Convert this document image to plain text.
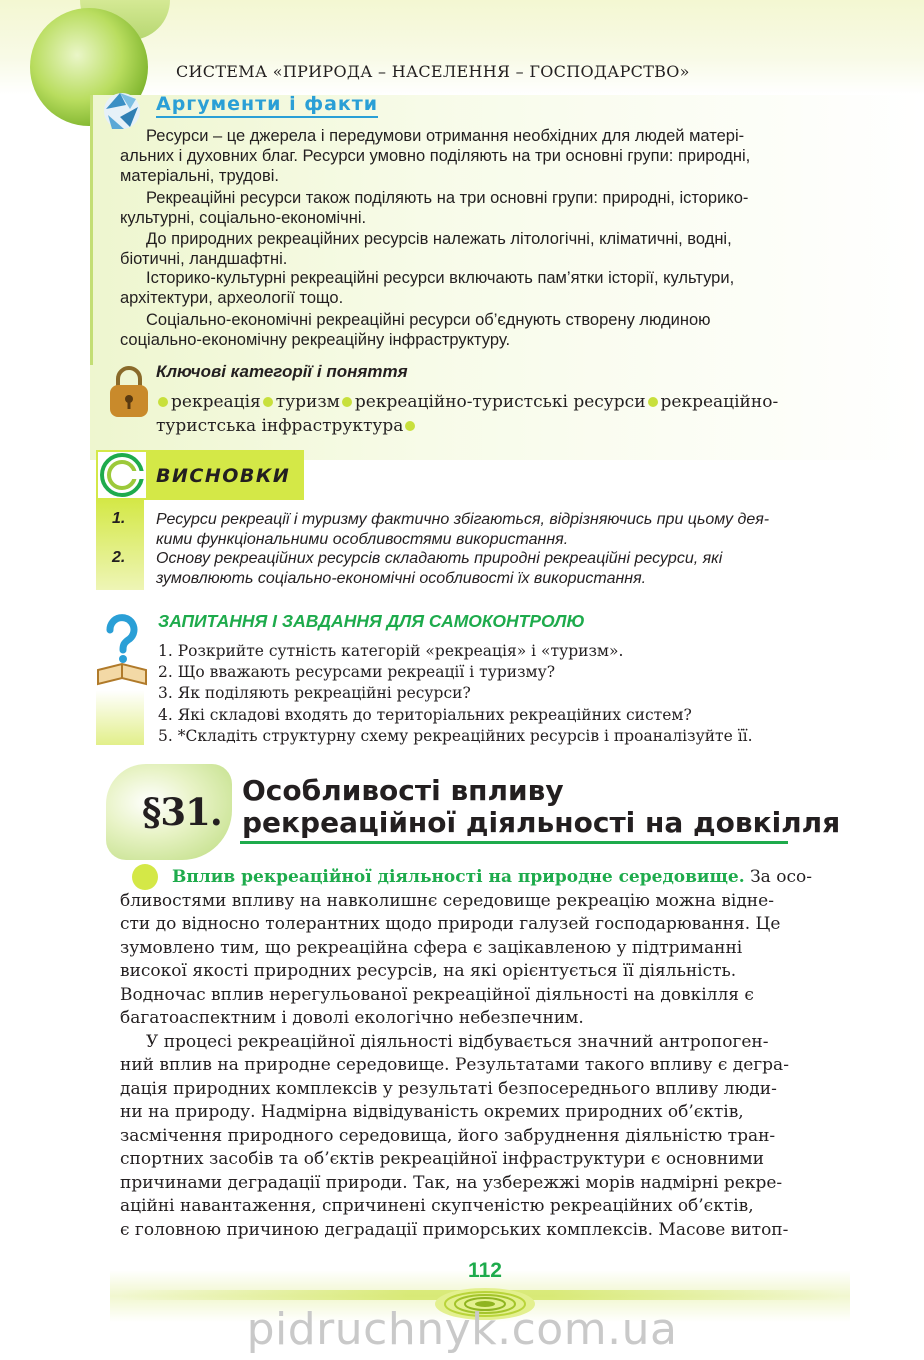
СИСТЕМА «ПРИРОДА – НАСЕЛЕННЯ – ГОСПОДАРСТВО»
Аргументи і факти

Ресурси – це джерела і передумови отримання необхідних для людей матері-

альних і духовних благ. Ресурси умовно поділяють на три основні групи: природні,

матеріальні, трудові.

Рекреаційні ресурси також поділяють на три основні групи: природні, історико-

культурні, соціально-економічні.

До природних рекреаційних ресурсів належать літологічні, кліматичні, водні,

біотичні, ландшафтні.

Історико-культурні рекреаційні ресурси включають пам’ятки історії, культури,

архітектури, археології тощо.

Соціально-економічні рекреаційні ресурси об’єднують створену людиною

соціально-економічну рекреаційну інфраструктуру.

Ключові категорії і поняття
рекреація туризм рекреаційно-туристські ресурси рекреаційно-туристська інфраструктура
ВИСНОВКИ
1. Ресурси рекреації і туризму фактично збігаються, відрізняючись при цьому дея-

кими функціональними особливостями використання.

2. Основу рекреаційних ресурсів складають природні рекреаційні ресурси, які

зумовлюють соціально-економічні особливості їх використання.

ЗАПИТАННЯ І ЗАВДАННЯ ДЛЯ САМОКОНТРОЛЮ
1. Розкрийте сутність категорій «рекреація» і «туризм».
2. Що вважають ресурсами рекреації і туризму?
3. Як поділяють рекреаційні ресурси?
4. Які складові входять до територіальних рекреаційних систем?
5. *Складіть структурну схему рекреаційних ресурсів і проаналізуйте її.
§31. Особливості впливу
рекреаційної діяльності на довкілля

Вплив рекреаційної діяльності на природне середовище. За осо-

бливостями впливу на навколишнє середовище рекреацію можна відне-

сти до відносно толерантних щодо природи галузей господарювання. Це

зумовлено тим, що рекреаційна сфера є зацікавленою у підтриманні

високої якості природних ресурсів, на які орієнтується її діяльність.

Водночас вплив нерегульованої рекреаційної діяльності на довкілля є

багатоаспектним і доволі екологічно небезпечним.

У процесі рекреаційної діяльності відбувається значний антропоген-

ний вплив на природне середовище. Результатами такого впливу є дегра-

дація природних комплексів у результаті безпосереднього впливу люди-

ни на природу. Надмірна відвідуваність окремих природних об’єктів,

засмічення природного середовища, його забруднення діяльністю тран-

спортних засобів та об’єктів рекреаційної інфраструктури є основними

причинами деградації природи. Так, на узбережжі морів надмірні рекре-

аційні навантаження, спричинені скупченістю рекреаційних об’єктів,

є головною причиною деградації приморських комплексів. Масове витоп-

112
pidruchnyk.com.ua
